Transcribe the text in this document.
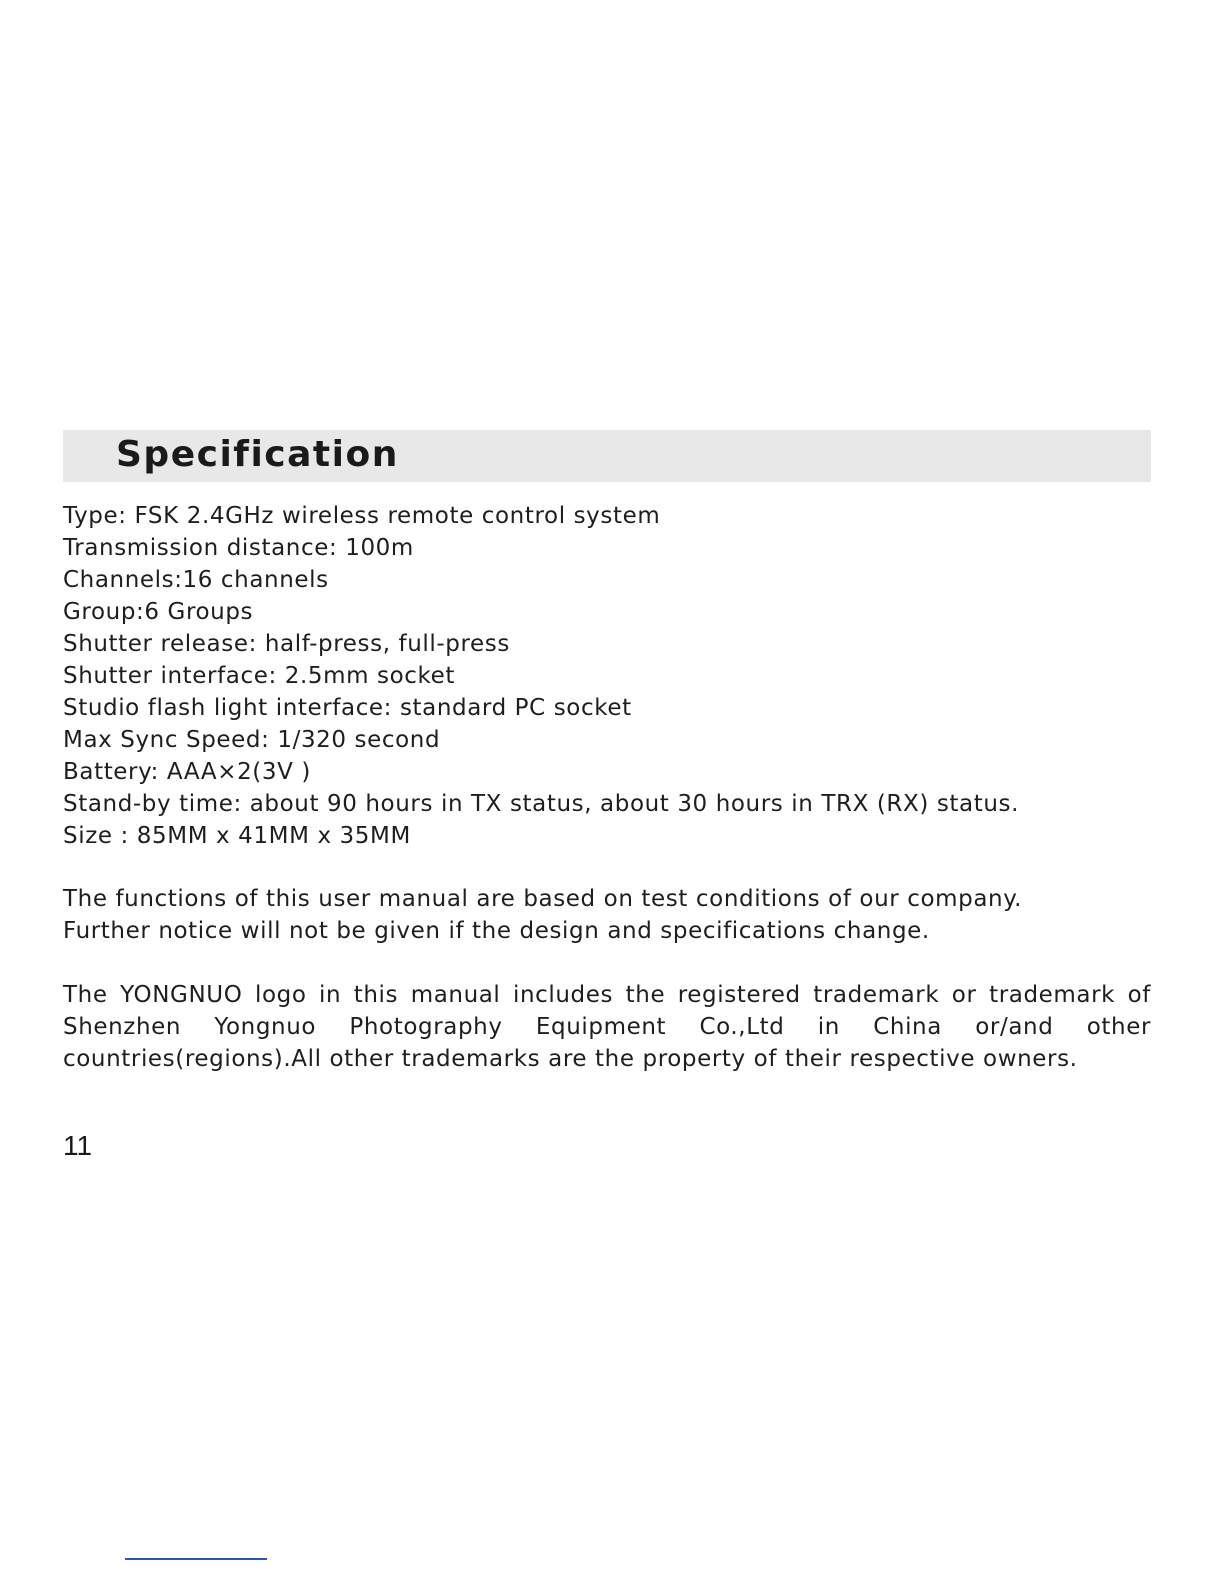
Specification
Type: FSK 2.4GHz wireless remote control system
Transmission distance: 100m
Channels:16 channels
Group:6 Groups
Shutter release: half-press, full-press
Shutter interface: 2.5mm socket
Studio flash light interface: standard PC socket
Max Sync Speed: 1/320 second
Battery: AAA×2(3V )
Stand-by time: about 90 hours in TX status, about 30 hours in TRX (RX) status.
Size : 85MM x 41MM x 35MM

The functions of this user manual are based on test conditions of our company.
Further notice will not be given if the design and specifications change.

The YONGNUO logo in this manual includes the registered trademark or trademark of
Shenzhen Yongnuo Photography Equipment Co.,Ltd in China or/and other
countries(regions).All other trademarks are the property of their respective owners.

11
